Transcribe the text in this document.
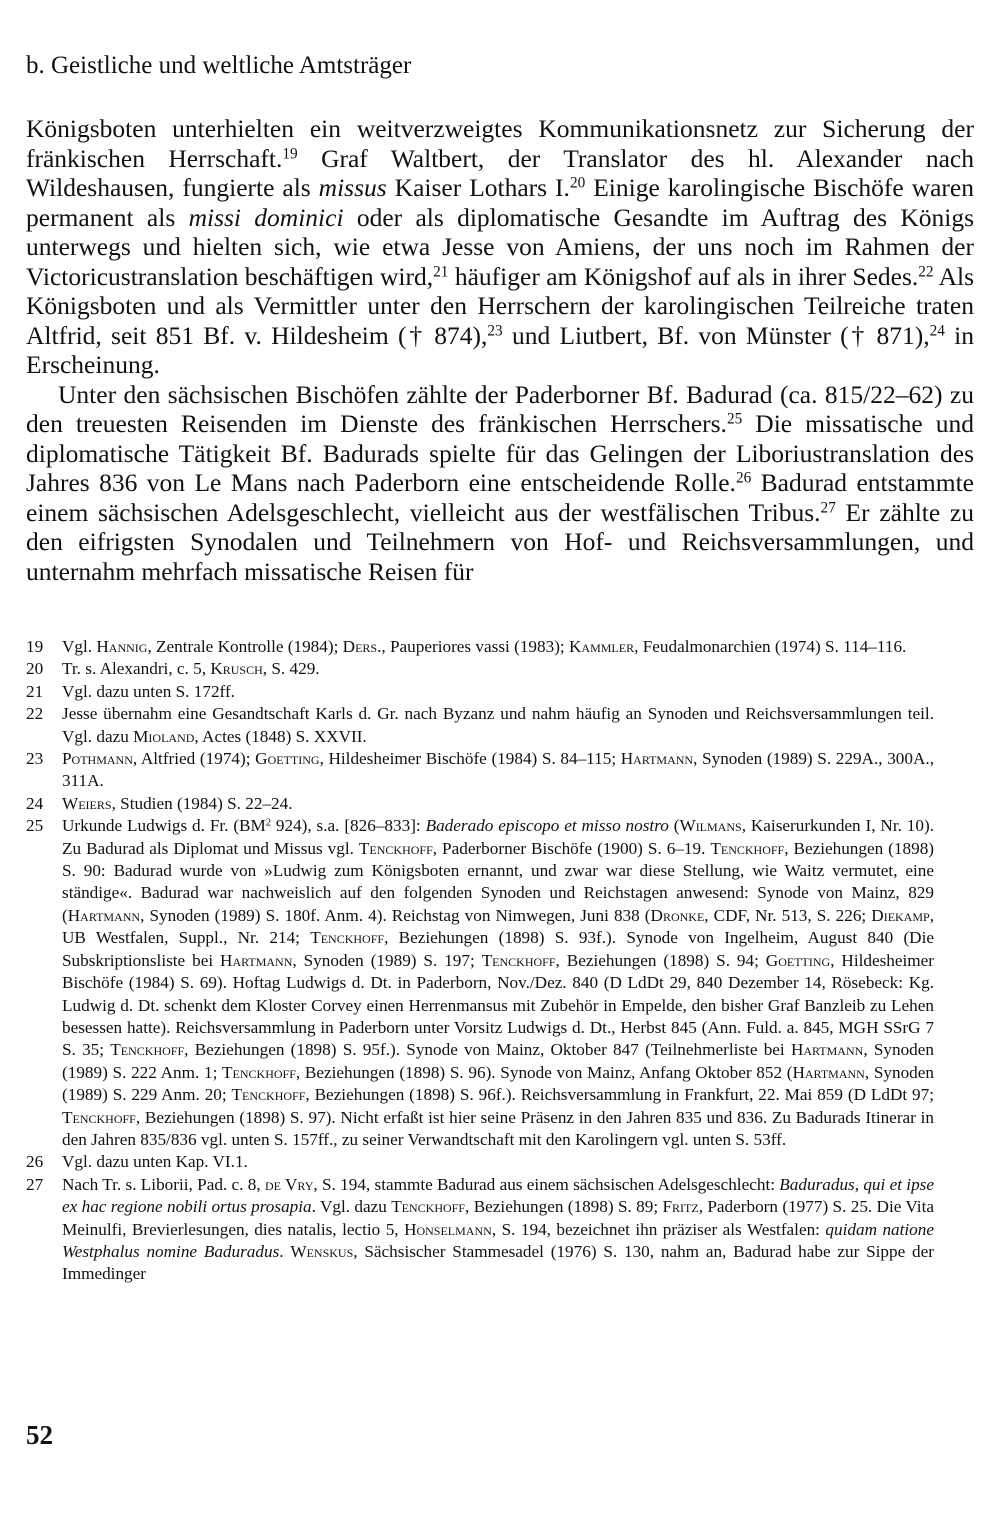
b. Geistliche und weltliche Amtsträger

Königsboten unterhielten ein weitverzweigtes Kommunikationsnetz zur Sicherung der fränkischen Herrschaft.$^{19}$ Graf Waltbert, der Translator des hl. Alexander nach Wildeshausen, fungierte als missus Kaiser Lothars I.$^{20}$ Einige karolingische Bischöfe waren permanent als missi dominici oder als diplomatische Gesandte im Auftrag des Königs unterwegs und hielten sich, wie etwa Jesse von Amiens, der uns noch im Rahmen der Victoricustranslation beschäftigen wird,$^{21}$ häufiger am Königshof auf als in ihrer Sedes.$^{22}$ Als Königsboten und als Vermittler unter den Herrschern der karolingischen Teilreiche traten Altfrid, seit 851 Bf. v. Hildesheim († 874),$^{23}$ und Liutbert, Bf. von Münster († 871),$^{24}$ in Erscheinung.

Unter den sächsischen Bischöfen zählte der Paderborner Bf. Badurad (ca. 815/22–62) zu den treuesten Reisenden im Dienste des fränkischen Herrschers.$^{25}$ Die missatische und diplomatische Tätigkeit Bf. Badurads spielte für das Gelingen der Liboriustranslation des Jahres 836 von Le Mans nach Paderborn eine entscheidende Rolle.$^{26}$ Badurad entstammte einem sächsischen Adelsgeschlecht, vielleicht aus der westfälischen Tribus.$^{27}$ Er zählte zu den eifrigsten Synodalen und Teilnehmern von Hof- und Reichsversammlungen, und unternahm mehrfach missatische Reisen für

19	Vgl. Hannig, Zentrale Kontrolle (1984); Ders., Pauperiores vassi (1983); Kammler, Feudalmonarchien (1974) S. 114–116.
20	Tr. s. Alexandri, c. 5, Krusch, S. 429.
21	Vgl. dazu unten S. 172ff.
22	Jesse übernahm eine Gesandtschaft Karls d. Gr. nach Byzanz und nahm häufig an Synoden und Reichsversammlungen teil. Vgl. dazu Mioland, Actes (1848) S. XXVII.
23	Pothmann, Altfried (1974); Goetting, Hildesheimer Bischöfe (1984) S. 84–115; Hartmann, Synoden (1989) S. 229A., 300A., 311A.
24	Weiers, Studien (1984) S. 22–24.
25	Urkunde Ludwigs d. Fr. ($BM^2$ 924), s.a. [826–833]: Baderado episcopo et misso nostro (Wilmans, Kaiserurkunden I, Nr. 10). Zu Badurad als Diplomat und Missus vgl. Tenckhoff, Paderborner Bischöfe (1900) S. 6–19. Tenckhoff, Beziehungen (1898) S. 90: Badurad wurde von »Ludwig zum Königsboten ernannt, und zwar war diese Stellung, wie Waitz vermutet, eine ständige«. Badurad war nachweislich auf den folgenden Synoden und Reichstagen anwesend: Synode von Mainz, 829 (Hartmann, Synoden (1989) S. 180f. Anm. 4). Reichstag von Nimwegen, Juni 838 (Dronke, CDF, Nr. 513, S. 226; Diekamp, UB Westfalen, Suppl., Nr. 214; Tenckhoff, Beziehungen (1898) S. 93f.). Synode von Ingelheim, August 840 (Die Subskriptionsliste bei Hartmann, Synoden (1989) S. 197; Tenckhoff, Beziehungen (1898) S. 94; Goetting, Hildesheimer Bischöfe (1984) S. 69). Hoftag Ludwigs d. Dt. in Paderborn, Nov./Dez. 840 (D LdDt 29, 840 Dezember 14, Rösebeck: Kg. Ludwig d. Dt. schenkt dem Kloster Corvey einen Herrenmansus mit Zubehör in Empelde, den bisher Graf Banzleib zu Lehen besessen hatte). Reichsversammlung in Paderborn unter Vorsitz Ludwigs d. Dt., Herbst 845 (Ann. Fuld. a. 845, MGH SSrG 7 S. 35; Tenckhoff, Beziehungen (1898) S. 95f.). Synode von Mainz, Oktober 847 (Teilnehmerliste bei Hartmann, Synoden (1989) S. 222 Anm. 1; Tenckhoff, Beziehungen (1898) S. 96). Synode von Mainz, Anfang Oktober 852 (Hartmann, Synoden (1989) S. 229 Anm. 20; Tenckhoff, Beziehungen (1898) S. 96f.). Reichsversammlung in Frankfurt, 22. Mai 859 (D LdDt 97; Tenckhoff, Beziehungen (1898) S. 97). Nicht erfaßt ist hier seine Präsenz in den Jahren 835 und 836. Zu Badurads Itinerar in den Jahren 835/836 vgl. unten S. 157ff., zu seiner Verwandtschaft mit den Karolingern vgl. unten S. 53ff.
26	Vgl. dazu unten Kap. VI.1.
27	Nach Tr. s. Liborii, Pad. c. 8, de Vry, S. 194, stammte Badurad aus einem sächsischen Adelsgeschlecht: Baduradus, qui et ipse ex hac regione nobili ortus prosapia. Vgl. dazu Tenckhoff, Beziehungen (1898) S. 89; Fritz, Paderborn (1977) S. 25. Die Vita Meinulfi, Brevierlesungen, dies natalis, lectio 5, Honselmann, S. 194, bezeichnet ihn präziser als Westfalen: quidam natione Westphalus nomine Baduradus. Wenskus, Sächsischer Stammesadel (1976) S. 130, nahm an, Badurad habe zur Sippe der Immedinger
52
